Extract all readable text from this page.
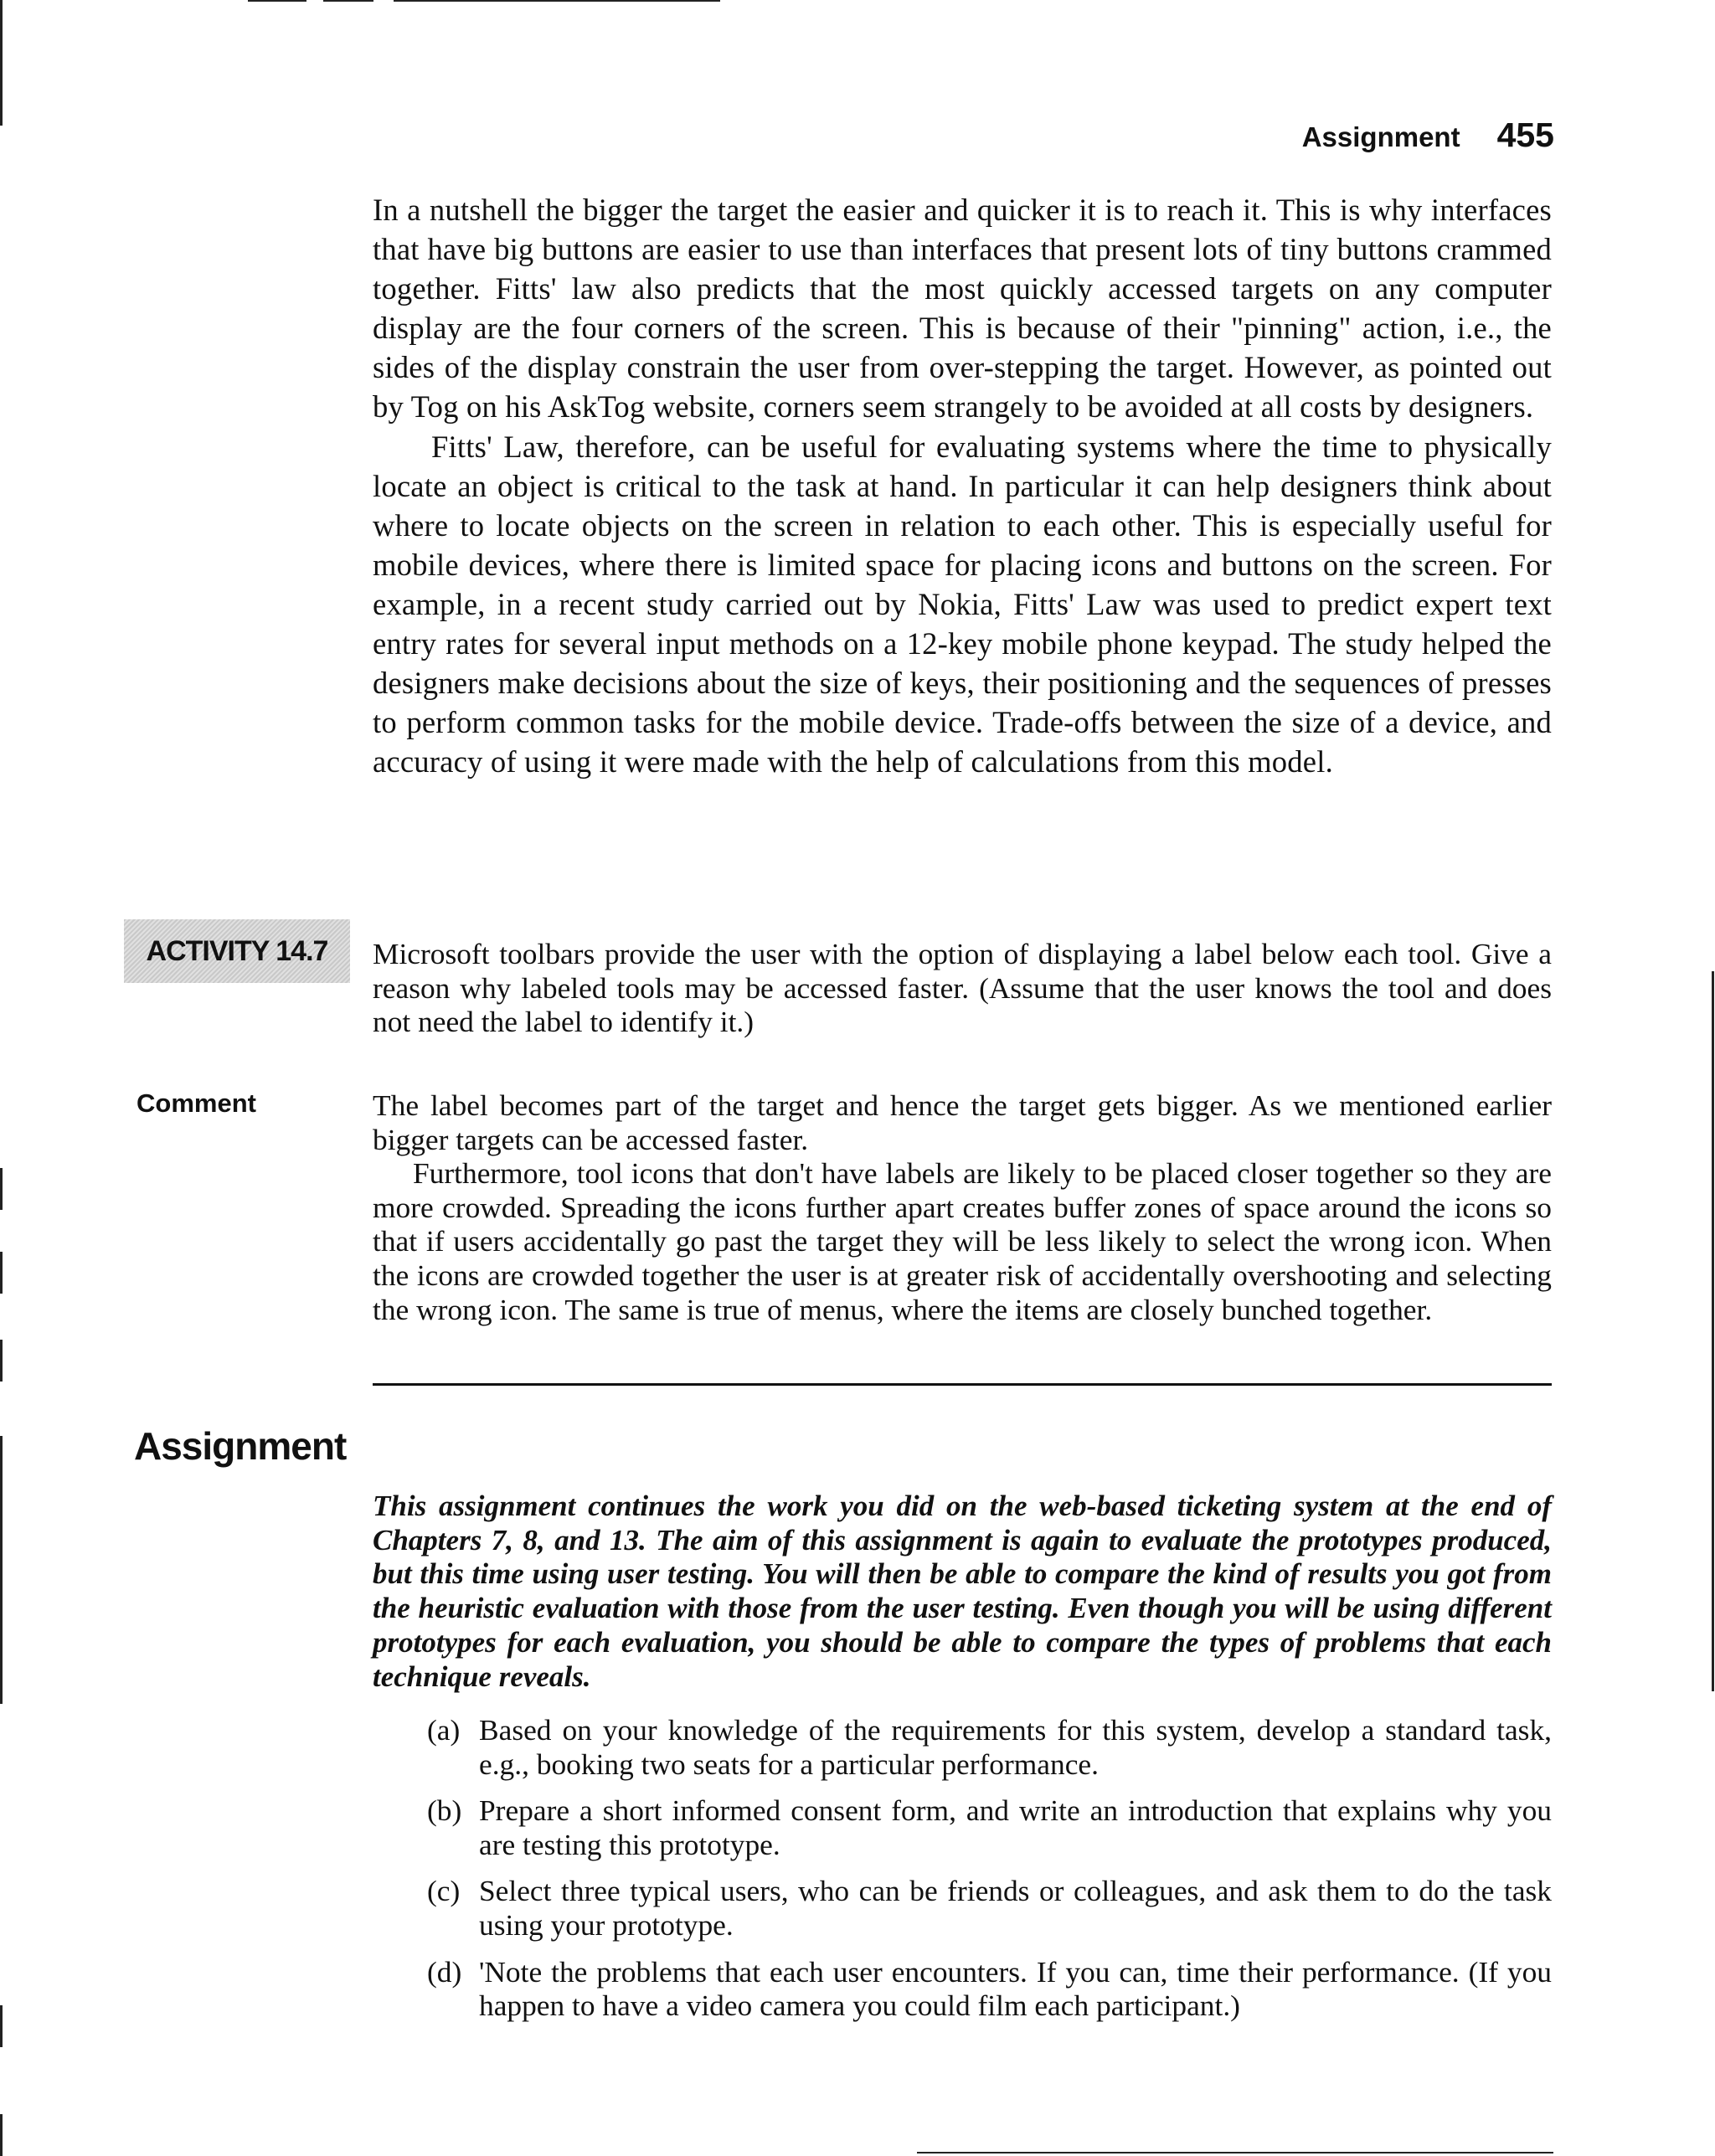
Assignment 455

In a nutshell the bigger the target the easier and quicker it is to reach it. This is why interfaces that have big buttons are easier to use than interfaces that present lots of tiny buttons crammed together. Fitts' law also predicts that the most quickly accessed targets on any computer display are the four corners of the screen. This is because of their "pinning" action, i.e., the sides of the display constrain the user from over-stepping the target. However, as pointed out by Tog on his AskTog website, corners seem strangely to be avoided at all costs by designers.

Fitts' Law, therefore, can be useful for evaluating systems where the time to physically locate an object is critical to the task at hand. In particular it can help designers think about where to locate objects on the screen in relation to each other. This is especially useful for mobile devices, where there is limited space for placing icons and buttons on the screen. For example, in a recent study carried out by Nokia, Fitts' Law was used to predict expert text entry rates for several input methods on a 12-key mobile phone keypad. The study helped the designers make decisions about the size of keys, their positioning and the sequences of presses to perform common tasks for the mobile device. Trade-offs between the size of a device, and accuracy of using it were made with the help of calculations from this model.

ACTIVITY 14.7	Microsoft toolbars provide the user with the option of displaying a label below each tool. Give a reason why labeled tools may be accessed faster. (Assume that the user knows the tool and does not need the label to identify it.)

Comment	The label becomes part of the target and hence the target gets bigger. As we mentioned earlier bigger targets can be accessed faster.

Furthermore, tool icons that don't have labels are likely to be placed closer together so they are more crowded. Spreading the icons further apart creates buffer zones of space around the icons so that if users accidentally go past the target they will be less likely to select the wrong icon. When the icons are crowded together the user is at greater risk of accidentally overshooting and selecting the wrong icon. The same is true of menus, where the items are closely bunched together.

Assignment

This assignment continues the work you did on the web-based ticketing system at the end of Chapters 7, 8, and 13. The aim of this assignment is again to evaluate the prototypes produced, but this time using user testing. You will then be able to compare the kind of results you got from the heuristic evaluation with those from the user testing. Even though you will be using different prototypes for each evaluation, you should be able to compare the types of problems that each technique reveals.

(a) Based on your knowledge of the requirements for this system, develop a standard task, e.g., booking two seats for a particular performance.
(b) Prepare a short informed consent form, and write an introduction that explains why you are testing this prototype.
(c) Select three typical users, who can be friends or colleagues, and ask them to do the task using your prototype.
(d) 'Note the problems that each user encounters. If you can, time their performance. (If you happen to have a video camera you could film each participant.)
